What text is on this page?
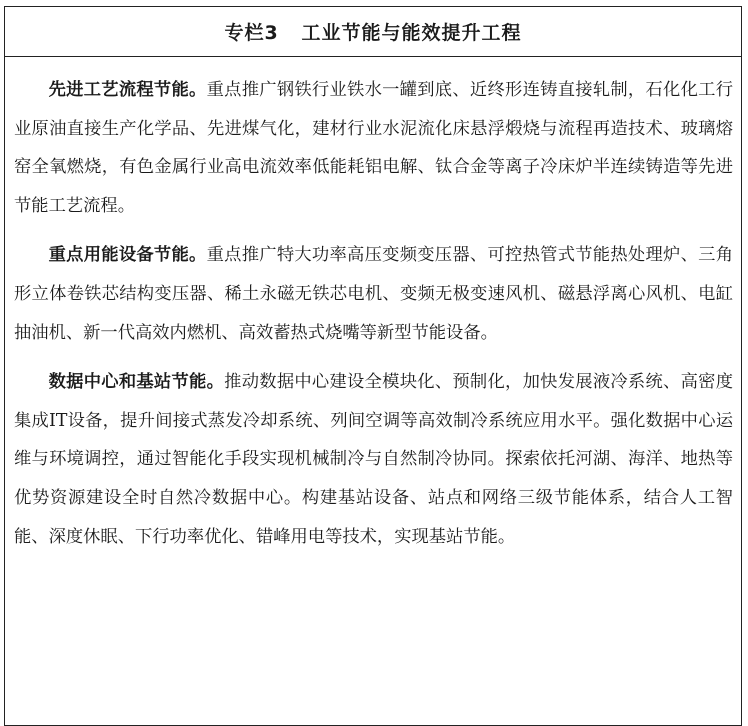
专栏3
工业节能与能效提升工程

先进工艺流程节能。重点推广钢铁行业铁水一罐到底、近终形连铸直接轧制，石化化工行业原油直接生产化学品、先进煤气化，建材行业水泥流化床悬浮煅烧与流程再造技术、玻璃熔窑全氧燃烧，有色金属行业高电流效率低能耗铝电解、钛合金等离子冷床炉半连续铸造等先进节能工艺流程。

重点用能设备节能。重点推广特大功率高压变频变压器、可控热管式节能热处理炉、三角形立体卷铁芯结构变压器、稀土永磁无铁芯电机、变频无极变速风机、磁悬浮离心风机、电缸抽油机、新一代高效内燃机、高效蓄热式烧嘴等新型节能设备。

数据中心和基站节能。推动数据中心建设全模块化、预制化，加快发展液冷系统、高密度集成IT设备，提升间接式蒸发冷却系统、列间空调等高效制冷系统应用水平。强化数据中心运维与环境调控，通过智能化手段实现机械制冷与自然制冷协同。探索依托河湖、海洋、地热等优势资源建设全时自然冷数据中心。构建基站设备、站点和网络三级节能体系，结合人工智能、深度休眠、下行功率优化、错峰用电等技术，实现基站节能。
